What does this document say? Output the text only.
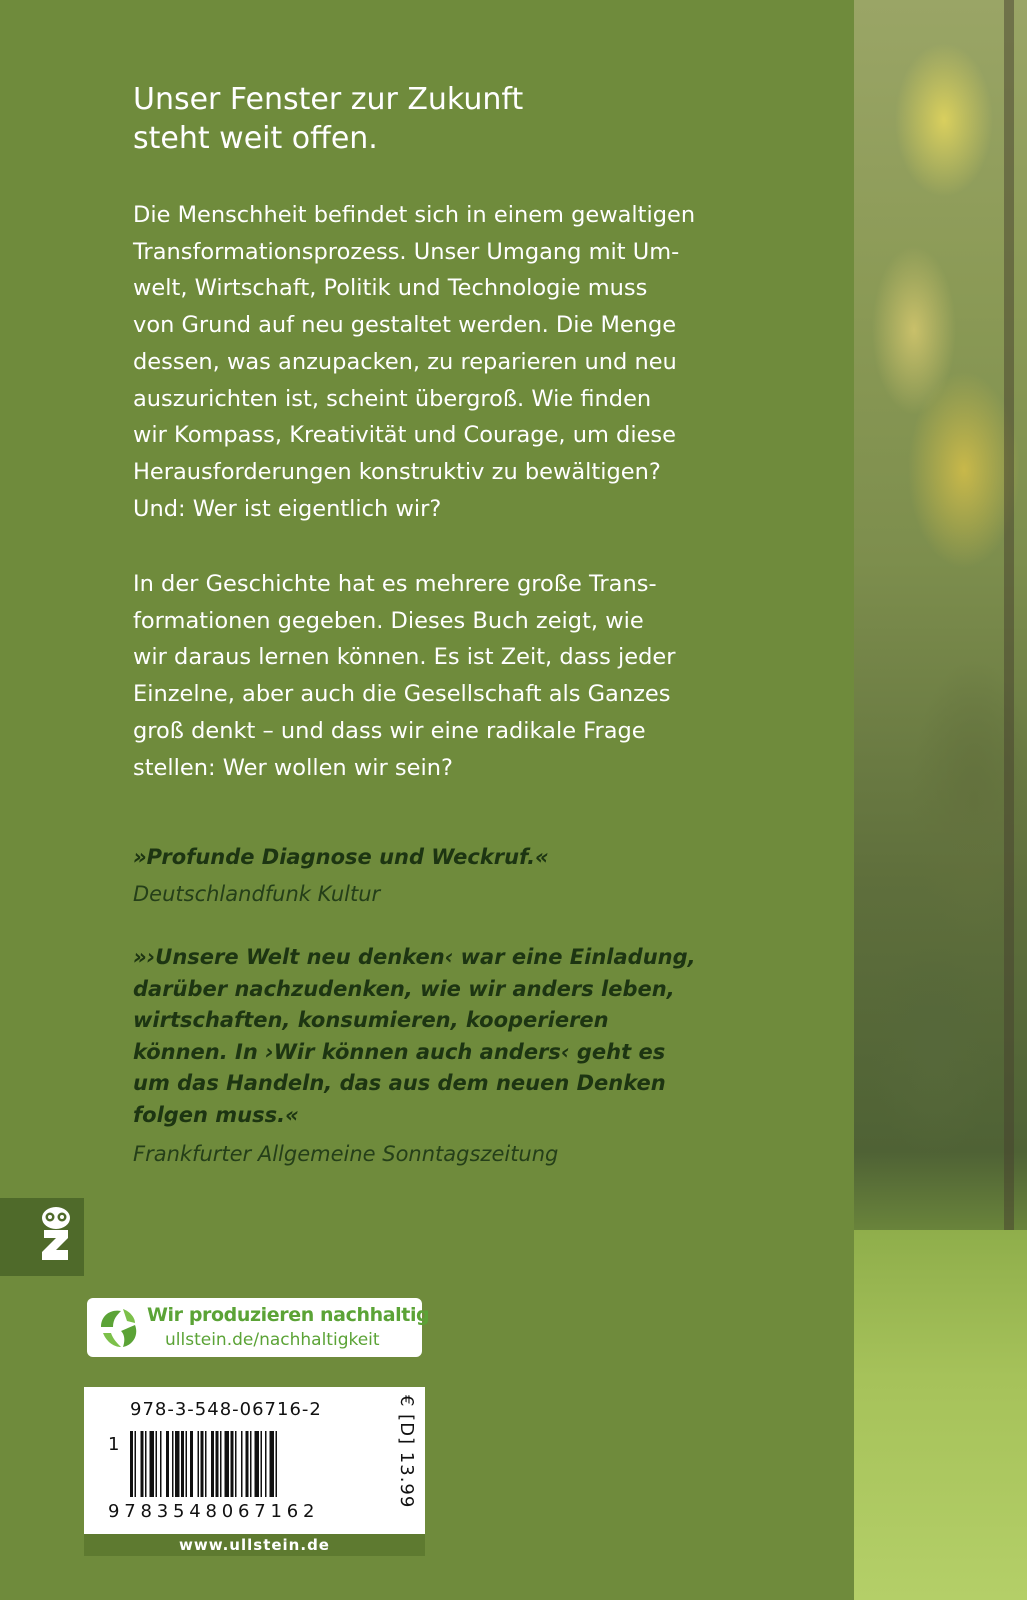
Unser Fenster zur Zukunft
steht weit offen.
Die Menschheit befindet sich in einem gewaltigen
Transformationsprozess. Unser Umgang mit Um-
welt, Wirtschaft, Politik und Technologie muss
von Grund auf neu gestaltet werden. Die Menge
dessen, was anzupacken, zu reparieren und neu
auszurichten ist, scheint übergroß. Wie finden
wir Kompass, Kreativität und Courage, um diese
Herausforderungen konstruktiv zu bewältigen?
Und: Wer ist eigentlich wir?
In der Geschichte hat es mehrere große Trans-
formationen gegeben. Dieses Buch zeigt, wie
wir daraus lernen können. Es ist Zeit, dass jeder
Einzelne, aber auch die Gesellschaft als Ganzes
groß denkt – und dass wir eine radikale Frage
stellen: Wer wollen wir sein?
»Profunde Diagnose und Weckruf.«
Deutschlandfunk Kultur
»›Unsere Welt neu denken‹ war eine Einladung,
darüber nachzudenken, wie wir anders leben,
wirtschaften, konsumieren, kooperieren
können. In ›Wir können auch anders‹ geht es
um das Handeln, das aus dem neuen Denken
folgen muss.«
Frankfurter Allgemeine Sonntagszeitung
Wir produzieren nachhaltig
ullstein.de/nachhaltigkeit
978-3-548-06716-2
1
9783548067162
€ [D] 13.99
www.ullstein.de
